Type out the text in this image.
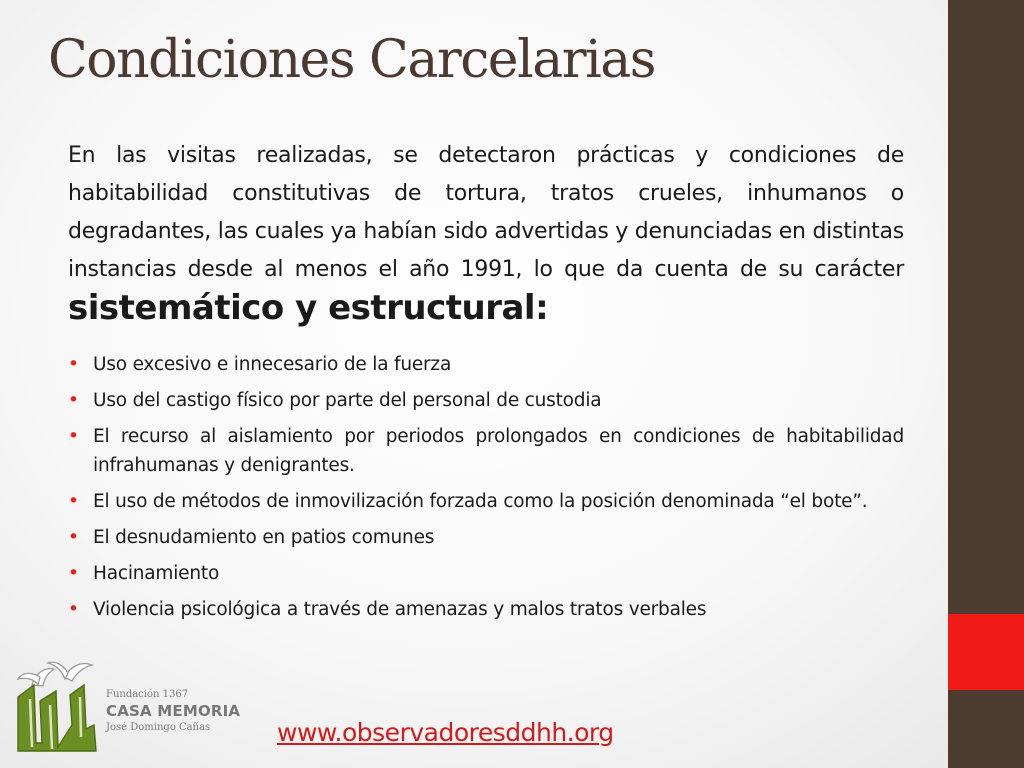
Condiciones Carcelarias
En las visitas realizadas, se detectaron prácticas y condiciones de habitabilidad constitutivas de tortura, tratos crueles, inhumanos o degradantes, las cuales ya habían sido advertidas y denunciadas en distintas instancias desde al menos el año 1991, lo que da cuenta de su carácter sistemático y estructural:
• Uso excesivo e innecesario de la fuerza
• Uso del castigo físico por parte del personal de custodia
• El recurso al aislamiento por periodos prolongados en condiciones de habitabilidad infrahumanas y denigrantes.
• El uso de métodos de inmovilización forzada como la posición denominada “el bote”.
• El desnudamiento en patios comunes
• Hacinamiento
• Violencia psicológica a través de amenazas y malos tratos verbales
Fundación 1367
CASA MEMORIA
José Domingo Cañas	www.observadoresddhh.org
